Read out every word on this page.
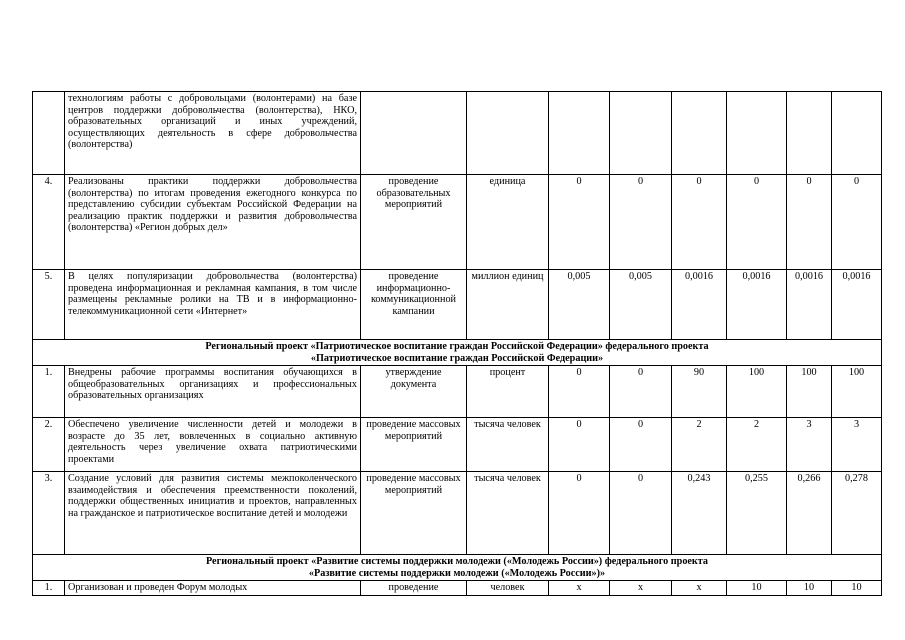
	технологиям работы с добровольцами (волонтерами) на базе центров поддержки добровольчества (волонтерства), НКО, образовательных организаций и иных учреждений, осуществляющих деятельность в сфере добровольчества (волонтерства)								
4.	Реализованы практики поддержки добровольчества (волонтерства) по итогам проведения ежегодного конкурса по представлению субсидии субъектам Российской Федерации на реализацию практик поддержки и развития добровольчества (волонтерства) «Регион добрых дел»	проведение образовательных мероприятий	единица	0	0	0	0	0	0
5.	В целях популяризации добровольчества (волонтерства) проведена информационная и рекламная кампания, в том числе размещены рекламные ролики на ТВ и в информационно-телекоммуникационной сети «Интернет»	проведение информационно-коммуникационной кампании	миллион единиц	0,005	0,005	0,0016	0,0016	0,0016	0,0016

Региональный проект «Патриотическое воспитание граждан Российской Федерации» федерального проекта
«Патриотическое воспитание граждан Российской Федерации»									

1.	Внедрены рабочие программы воспитания обучающихся в общеобразовательных организациях и профессиональных образовательных организациях	утверждение документа	процент	0	0	90	100	100	100
2.	Обеспечено увеличение численности детей и молодежи в возрасте до 35 лет, вовлеченных в социально активную деятельность через увеличение охвата патриотическими проектами	проведение массовых мероприятий	тысяча человек	0	0	2	2	3	3
3.	Создание условий для развития системы межпоколенческого взаимодействия и обеспечения преемственности поколений, поддержки общественных инициатив и проектов, направленных на гражданское и патриотическое воспитание детей и молодежи	проведение массовых мероприятий	тысяча человек	0	0	0,243	0,255	0,266	0,278

Региональный проект «Развитие системы поддержки молодежи («Молодежь России») федерального проекта
«Развитие системы поддержки молодежи («Молодежь России»)»									

1.	Организован и проведен Форум молодых	проведение	человек	х	х	х	10	10	10
